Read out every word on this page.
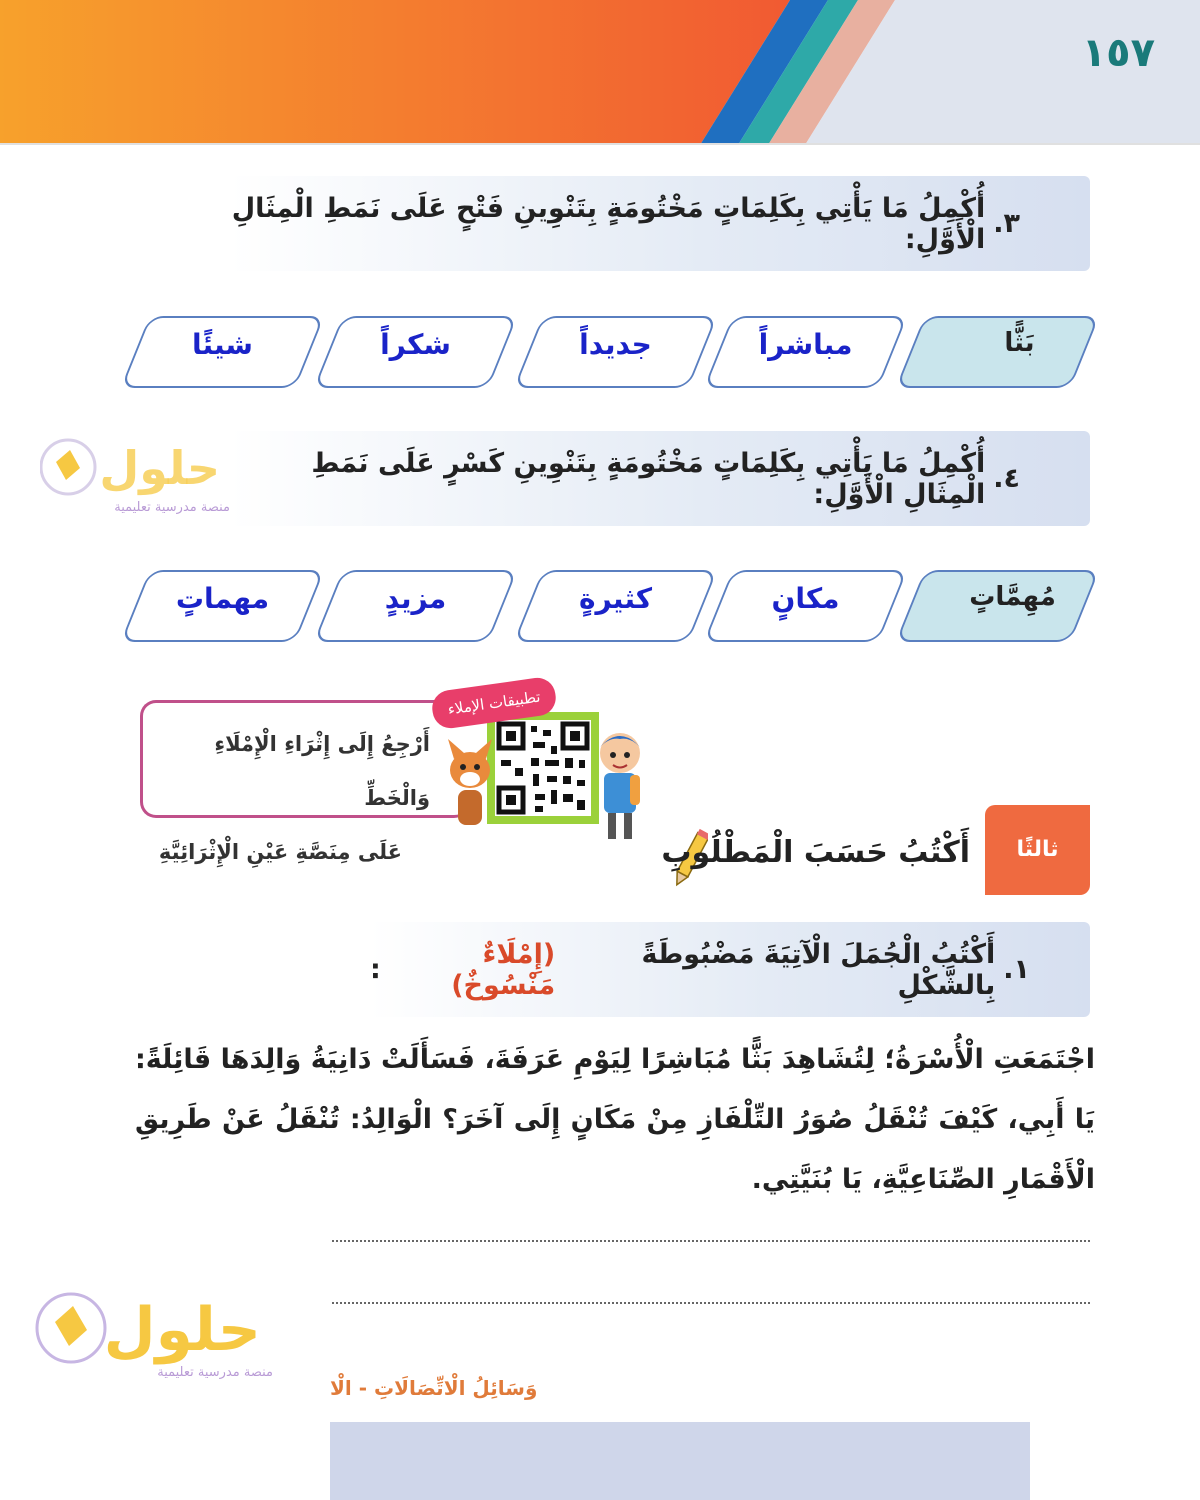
١٥٧
٣.
أُكْمِلُ مَا يَأْتِي بِكَلِمَاتٍ مَخْتُومَةٍ بِتَنْوِينِ فَتْحٍ عَلَى نَمَطِ الْمِثَالِ الْأَوَّلِ:
بَثًّا
مباشراً
جديداً
شكراً
شيئًا
٤.
أُكْمِلُ مَا يَأْتِي بِكَلِمَاتٍ مَخْتُومَةٍ بِتَنْوِينِ كَسْرٍ عَلَى نَمَطِ الْمِثَالِ الْأَوَّلِ:
مُهِمَّاتٍ
مكانٍ
كثيرةٍ
مزيدٍ
مهماتٍ
أَرْجِعُ إِلَى إِثْرَاءِ الْإِمْلَاءِ وَالْخَطِّ
عَلَى مِنَصَّةِ عَيْنِ الْإِثْرَائِيَّةِ
تطبيقات الإملاء
ثالثًا
أَكْتُبُ حَسَبَ الْمَطْلُوبِ
١.
أَكْتُبُ الْجُمَلَ الْآتِيَةَ مَضْبُوطَةً بِالشَّكْلِ
(إِمْلَاءٌ مَنْسُوخٌ)
:
اجْتَمَعَتِ الْأُسْرَةُ؛ لِتُشَاهِدَ بَثًّا مُبَاشِرًا لِيَوْمِ عَرَفَةَ، فَسَأَلَتْ دَانِيَةُ وَالِدَهَا قَائِلَةً: يَا أَبِي، كَيْفَ تُنْقَلُ صُوَرُ التِّلْفَازِ مِنْ مَكَانٍ إِلَى آخَرَ؟ الْوَالِدُ: تُنْقَلُ عَنْ طَرِيقِ الْأَقْمَارِ الصِّنَاعِيَّةِ، يَا بُنَيَّتِي.
حلول
منصة مدرسية تعليمية
حلول
منصة مدرسية تعليمية
وَسَائِلُ الْاتِّصَالَاتِ - الْا
